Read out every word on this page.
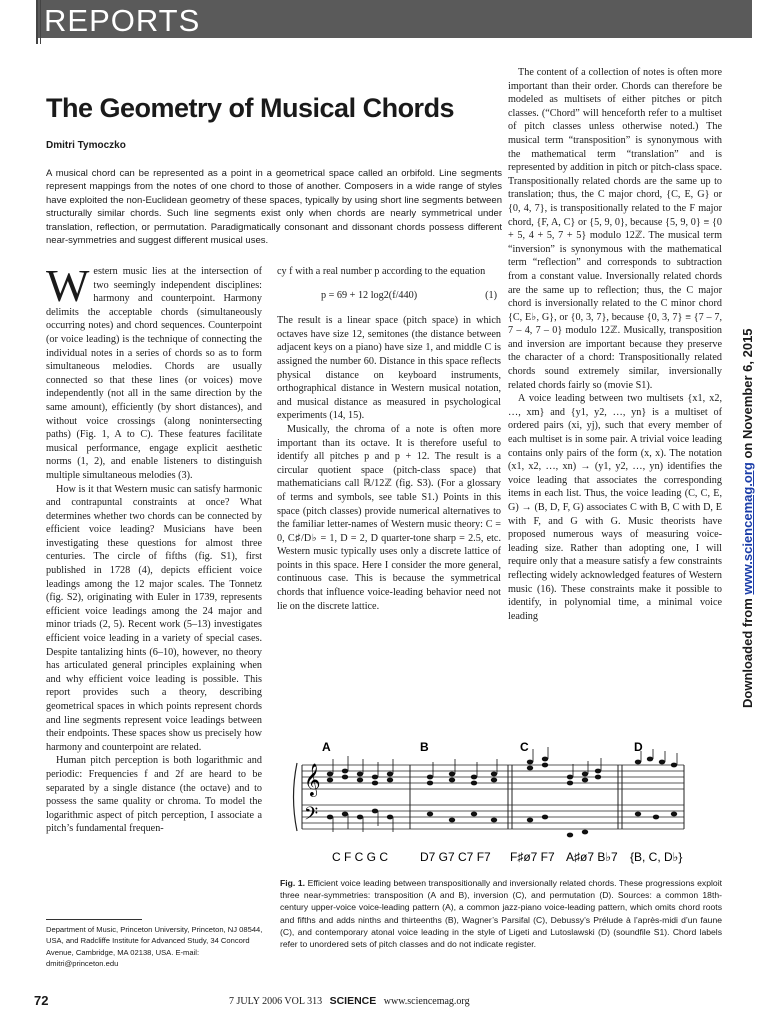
REPORTS
The Geometry of Musical Chords
Dmitri Tymoczko
A musical chord can be represented as a point in a geometrical space called an orbifold. Line segments represent mappings from the notes of one chord to those of another. Composers in a wide range of styles have exploited the non-Euclidean geometry of these spaces, typically by using short line segments between structurally similar chords. Such line segments exist only when chords are nearly symmetrical under translation, reflection, or permutation. Paradigmatically consonant and dissonant chords possess different near-symmetries and suggest different musical uses.

Western music lies at the intersection of two seemingly independent disciplines: harmony and counterpoint. Harmony delimits the acceptable chords (simultaneously occurring notes) and chord sequences. Counterpoint (or voice leading) is the technique of connecting the individual notes in a series of chords so as to form simultaneous melodies. Chords are usually connected so that these lines (or voices) move independently (not all in the same direction by the same amount), efficiently (by short distances), and without voice crossings (along nonintersecting paths) (Fig. 1, A to C). These features facilitate musical performance, engage explicit aesthetic norms (1, 2), and enable listeners to distinguish multiple simultaneous melodies (3).

How is it that Western music can satisfy harmonic and contrapuntal constraints at once? What determines whether two chords can be connected by efficient voice leading? Musicians have been investigating these questions for almost three centuries. The circle of fifths (fig. S1), first published in 1728 (4), depicts efficient voice leadings among the 12 major scales. The Tonnetz (fig. S2), originating with Euler in 1739, represents efficient voice leadings among the 24 major and minor triads (2, 5). Recent work (5–13) investigates efficient voice leading in a variety of special cases. Despite tantalizing hints (6–10), however, no theory has articulated general principles explaining when and why efficient voice leading is possible. This report provides such a theory, describing geometrical spaces in which points represent chords and line segments represent voice leadings between their endpoints. These spaces show us precisely how harmony and counterpoint are related.

Human pitch perception is both logarithmic and periodic: Frequencies f and 2f are heard to be separated by a single distance (the octave) and to possess the same quality or chroma. To model the logarithmic aspect of pitch perception, I associate a pitch’s fundamental frequen-

cy f with a real number p according to the equation

p = 69 + 12 log2(f/440)	(1)

The result is a linear space (pitch space) in which octaves have size 12, semitones (the distance between adjacent keys on a piano) have size 1, and middle C is assigned the number 60. Distance in this space reflects physical distance on keyboard instruments, orthographical distance in Western musical notation, and musical distance as measured in psychological experiments (14, 15).

Musically, the chroma of a note is often more important than its octave. It is therefore useful to identify all pitches p and p + 12. The result is a circular quotient space (pitch-class space) that mathematicians call ℝ/12ℤ (fig. S3). (For a glossary of terms and symbols, see table S1.) Points in this space (pitch classes) provide numerical alternatives to the familiar letter-names of Western music theory: C = 0, C♯/D♭ = 1, D = 2, D quarter-tone sharp = 2.5, etc. Western music typically uses only a discrete lattice of points in this space. Here I consider the more general, continuous case. This is because the symmetrical chords that influence voice-leading behavior need not lie on the discrete lattice.

The content of a collection of notes is often more important than their order. Chords can therefore be modeled as multisets of either pitches or pitch classes. (“Chord” will henceforth refer to a multiset of pitch classes unless otherwise noted.) The musical term “transposition” is synonymous with the mathematical term “translation” and is represented by addition in pitch or pitch-class space. Transpositionally related chords are the same up to translation; thus, the C major chord, {C, E, G} or {0, 4, 7}, is transpositionally related to the F major chord, {F, A, C} or {5, 9, 0}, because {5, 9, 0} ≡ {0 + 5, 4 + 5, 7 + 5} modulo 12ℤ. The musical term “inversion” is synonymous with the mathematical term “reflection” and corresponds to subtraction from a constant value. Inversionally related chords are the same up to reflection; thus, the C major chord is inversionally related to the C minor chord {C, E♭, G}, or {0, 3, 7}, because {0, 3, 7} ≡ {7 – 7, 7 – 4, 7 – 0} modulo 12ℤ. Musically, transposition and inversion are important because they preserve the character of a chord: Transpositionally related chords sound extremely similar, inversionally related chords fairly so (movie S1).

A voice leading between two multisets {x1, x2, …, xm} and {y1, y2, …, yn} is a multiset of ordered pairs (xi, yj), such that every member of each multiset is in some pair. A trivial voice leading contains only pairs of the form (x, x). The notation (x1, x2, …, xn) → (y1, y2, …, yn) identifies the voice leading that associates the corresponding items in each list. Thus, the voice leading (C, C, E, G) → (B, D, F, G) associates C with B, C with D, E with F, and G with G. Music theorists have proposed numerous ways of measuring voice-leading size. Rather than adopting one, I will require only that a measure satisfy a few constraints reflecting widely acknowledged features of Western music (16). These constraints make it possible to identify, in polynomial time, a minimal voice leading

Department of Music, Princeton University, Princeton, NJ 08544, USA, and Radcliffe Institute for Advanced Study, 34 Concord Avenue, Cambridge, MA 02138, USA. E-mail: dmitri@princeton.edu
A	B	C	D
𝄞
𝄢
C F C G C	D7 G7 C7 F7 F♯ø7 F7 A♯ø7 B♭7 {B, C, D♭}
Fig. 1. Efficient voice leading between transpositionally and inversionally related chords. These progressions exploit three near-symmetries: transposition (A and B), inversion (C), and permutation (D). Sources: a common 18th-century upper-voice voice-leading pattern (A), a common jazz-piano voice-leading pattern, which omits chord roots and fifths and adds ninths and thirteenths (B), Wagner’s Parsifal (C), Debussy’s Prélude à l’après-midi d’un faune (C), and contemporary atonal voice leading in the style of Ligeti and Lutoslawski (D) (soundfile S1). Chord labels refer to unordered sets of pitch classes and do not indicate register.
72	7 JULY 2006 VOL 313 SCIENCE www.sciencemag.org
Downloaded from www.sciencemag.org on November 6, 2015
